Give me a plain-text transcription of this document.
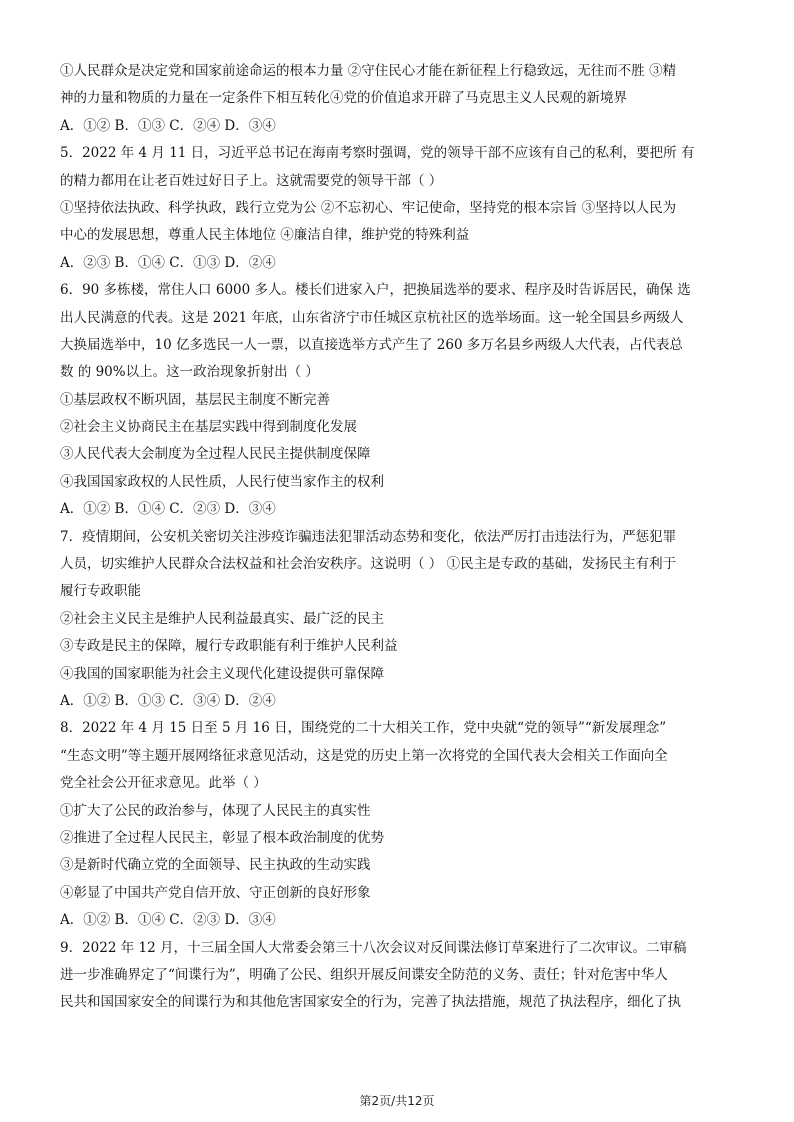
①人民群众是决定党和国家前途命运的根本力量 ②守住民心才能在新征程上行稳致远，无往而不胜 ③精
神的力量和物质的力量在一定条件下相互转化④党的价值追求开辟了马克思主义人民观的新境界
A．①② B．①③ C．②④ D．③④
5．2022 年 4 月 11 日，习近平总书记在海南考察时强调，党的领导干部不应该有自己的私利，要把所 有
的精力都用在让老百姓过好日子上。这就需要党的领导干部（ ）
①坚持依法执政、科学执政，践行立党为公 ②不忘初心、牢记使命，坚持党的根本宗旨 ③坚持以人民为
中心的发展思想，尊重人民主体地位 ④廉洁自律，维护党的特殊利益
A．②③ B．①④ C．①③ D．②④
6．90 多栋楼，常住人口 6000 多人。楼长们进家入户，把换届选举的要求、程序及时告诉居民，确保 选
出人民满意的代表。这是 2021 年底，山东省济宁市任城区京杭社区的选举场面。这一轮全国县乡两级人
大换届选举中，10 亿多选民一人一票，以直接选举方式产生了 260 多万名县乡两级人大代表，占代表总
数 的 90%以上。这一政治现象折射出（ ）
①基层政权不断巩固，基层民主制度不断完善
②社会主义协商民主在基层实践中得到制度化发展
③人民代表大会制度为全过程人民民主提供制度保障
④我国国家政权的人民性质，人民行使当家作主的权利
A．①② B．①④ C．②③ D．③④
7．疫情期间，公安机关密切关注涉疫诈骗违法犯罪活动态势和变化，依法严厉打击违法行为，严惩犯罪
人员，切实维护人民群众合法权益和社会治安秩序。这说明（ ） ①民主是专政的基础，发扬民主有利于
履行专政职能
②社会主义民主是维护人民利益最真实、最广泛的民主
③专政是民主的保障，履行专政职能有利于维护人民利益
④我国的国家职能为社会主义现代化建设提供可靠保障
A．①② B．①③ C．③④ D．②④
8．2022 年 4 月 15 日至 5 月 16 日，围绕党的二十大相关工作，党中央就“党的领导”“新发展理念”
“生态文明”等主题开展网络征求意见活动，这是党的历史上第一次将党的全国代表大会相关工作面向全
党全社会公开征求意见。此举（ ）
①扩大了公民的政治参与，体现了人民民主的真实性
②推进了全过程人民民主，彰显了根本政治制度的优势
③是新时代确立党的全面领导、民主执政的生动实践
④彰显了中国共产党自信开放、守正创新的良好形象
A．①② B．①④ C．②③ D．③④
9．2022 年 12 月，十三届全国人大常委会第三十八次会议对反间谍法修订草案进行了二次审议。二审稿
进一步准确界定了“间谍行为”，明确了公民、组织开展反间谍安全防范的义务、责任；针对危害中华人
民共和国国家安全的间谍行为和其他危害国家安全的行为，完善了执法措施，规范了执法程序，细化了执
第2页/共12页
